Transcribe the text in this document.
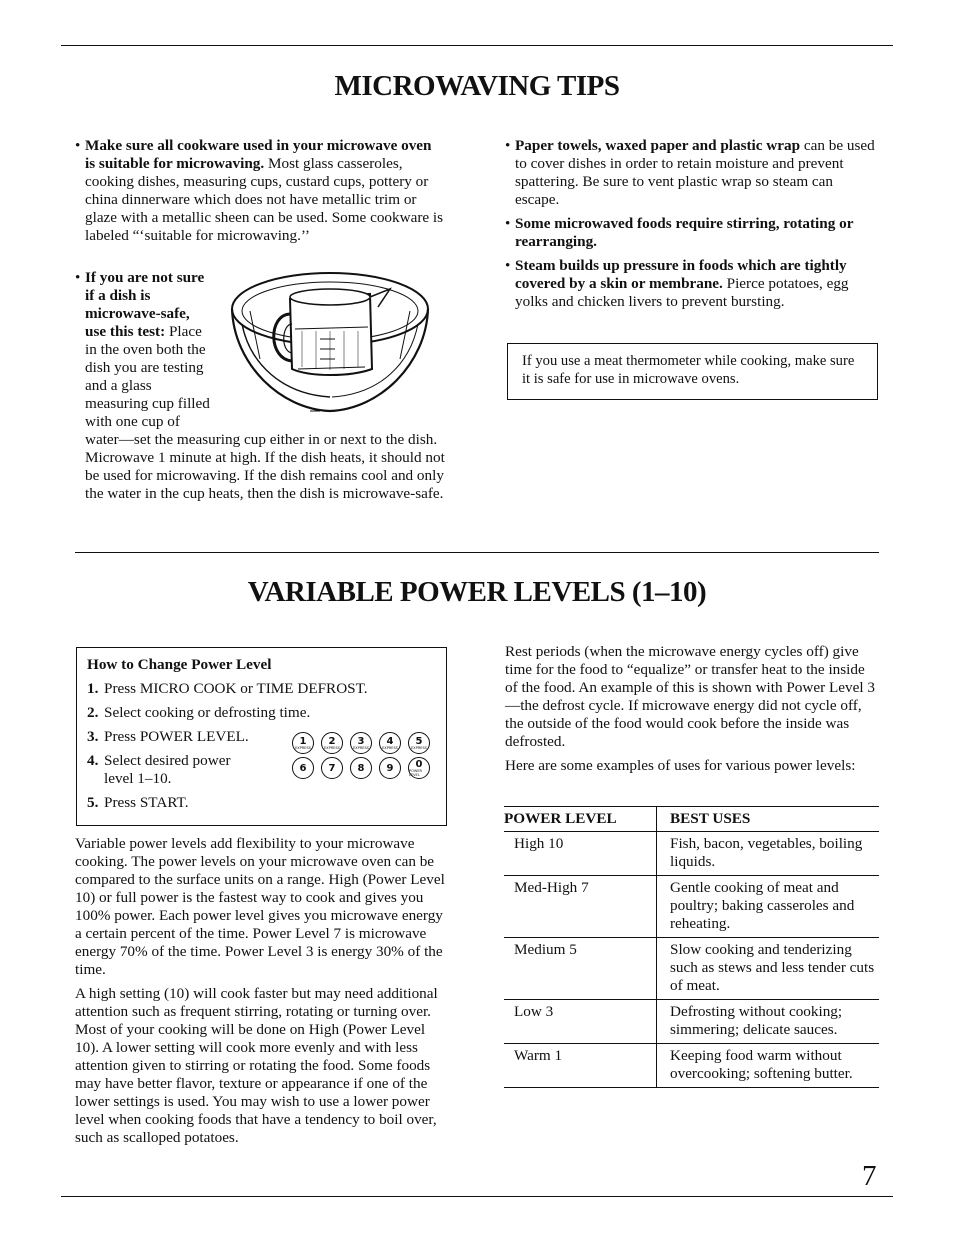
MICROWAVING TIPS
• Make sure all cookware used in your microwave oven is suitable for microwaving. Most glass casseroles, cooking dishes, measuring cups, custard cups, pottery or china dinnerware which does not have metallic trim or glaze with a metallic sheen can be used. Some cookware is labeled “‘suitable for microwaving.’’
• If you are not sure if a dish is microwave-safe, use this test: Place in the oven both the dish you are testing and a glass measuring cup filled with one cup of water—set the measuring cup either in or next to the dish. Microwave 1 minute at high. If the dish heats, it should not be used for microwaving. If the dish remains cool and only the water in the cup heats, then the dish is microwave-safe.
• Paper towels, waxed paper and plastic wrap can be used to cover dishes in order to retain moisture and prevent spattering. Be sure to vent plastic wrap so steam can escape.
• Some microwaved foods require stirring, rotating or rearranging.
• Steam builds up pressure in foods which are tightly covered by a skin or membrane. Pierce potatoes, egg yolks and chicken livers to prevent bursting.
If you use a meat thermometer while cooking, make sure it is safe for use in microwave ovens.
VARIABLE POWER LEVELS (1–10)
How to Change Power Level
1. Press MICRO COOK or TIME DEFROST.
2. Select cooking or defrosting time.
3. Press POWER LEVEL.
4. Select desired power level 1–10.
5. Press START.
1
EXPRESS
2
EXPRESS
3
EXPRESS
4
EXPRESS
5
EXPRESS
6 7 8 9 0
POWER LEVEL
Variable power levels add flexibility to your microwave cooking. The power levels on your microwave oven can be compared to the surface units on a range. High (Power Level 10) or full power is the fastest way to cook and gives you 100% power. Each power level gives you microwave energy a certain percent of the time. Power Level 7 is microwave energy 70% of the time. Power Level 3 is energy 30% of the time.
A high setting (10) will cook faster but may need additional attention such as frequent stirring, rotating or turning over. Most of your cooking will be done on High (Power Level 10). A lower setting will cook more evenly and with less attention given to stirring or rotating the food. Some foods may have better flavor, texture or appearance if one of the lower settings is used. You may wish to use a lower power level when cooking foods that have a tendency to boil over, such as scalloped potatoes.
Rest periods (when the microwave energy cycles off) give time for the food to “equalize” or transfer heat to the inside of the food. An example of this is shown with Power Level 3—the defrost cycle. If microwave energy did not cycle off, the outside of the food would cook before the inside was defrosted.
Here are some examples of uses for various power levels:
POWER LEVEL	BEST USES
High 10	Fish, bacon, vegetables, boiling liquids.
Med-High 7	Gentle cooking of meat and poultry; baking casseroles and reheating.
Medium 5	Slow cooking and tenderizing such as stews and less tender cuts of meat.
Low 3	Defrosting without cooking; simmering; delicate sauces.
Warm 1	Keeping food warm without overcooking; softening butter.
7
